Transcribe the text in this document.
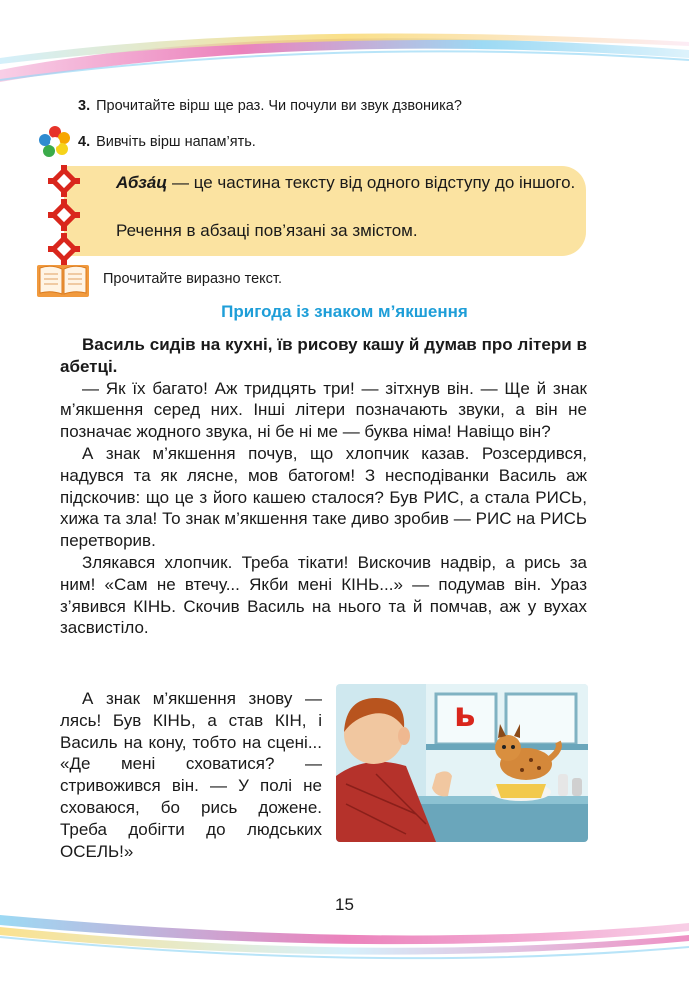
3. Прочитайте вірш ще раз. Чи почули ви звук дзвоника?
4. Вивчіть вірш напам’ять.
Абза́ц — це частина тексту від одного відступу до іншого.
Речення в абзаці пов’язані за змістом.
Прочитайте виразно текст.
Пригода із знаком м’якшення

Василь сидів на кухні, їв рисову кашу й думав про літери в абетці.

— Як їх багато! Аж тридцять три! — зітхнув він. — Ще й знак м’якшення серед них. Інші літери позначають звуки, а він не позначає жодного звука, ні бе ні ме — буква німа! Навіщо він?

А знак м’якшення почув, що хлопчик казав. Розсердився, надувся та як лясне, мов батогом! З несподіванки Василь аж підскочив: що це з його кашею сталося? Був РИС, а стала РИСЬ, хижа та зла! То знак м’якшення таке диво зробив — РИС на РИСЬ перетворив.

Злякався хлопчик. Треба тікати! Вискочив надвір, а рись за ним! «Сам не втечу... Якби мені КІНЬ...» — подумав він. Ураз з’явився КІНЬ. Скочив Василь на нього та й помчав, аж у вухах засвистіло.

А знак м’якшення знову — лясь! Був КІНЬ, а став КІН, і Василь на кону, тобто на сцені... «Де мені сховатися? — стривожився він. — У полі не сховаюся, бо рись дожене. Треба добігти до людських ОСЕЛЬ!»

ь
15
